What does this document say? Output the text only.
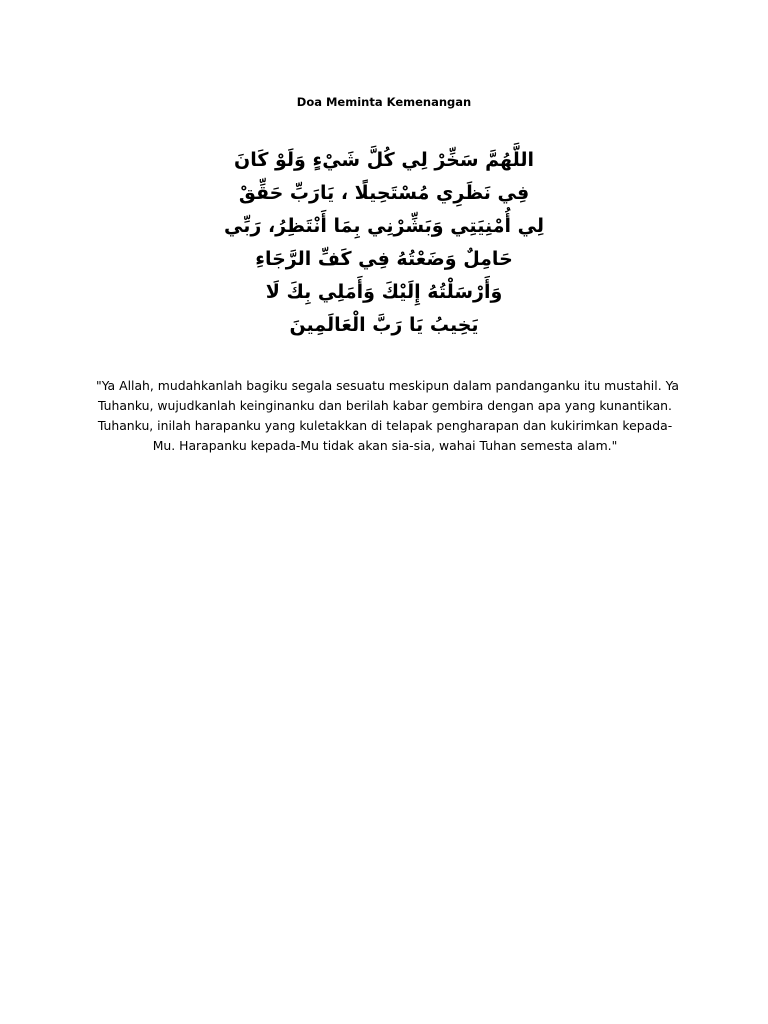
Doa Meminta Kemenangan
اللَّهُمَّ سَخِّرْ لِي كُلَّ شَيْءٍ وَلَوْ كَانَ
فِي نَظَرِي مُسْتَحِيلًا ، يَارَبِّ حَقِّقْ
لِي أُمْنِيَتِي وَبَشِّرْنِي بِمَا أَنْتَظِرُ، رَبِّي
حَامِلٌ وَضَعْتُهُ فِي كَفِّ الرَّجَاءِ
وَأَرْسَلْتُهُ إِلَيْكَ وَأَمَلِي بِكَ لَا
يَخِيبُ يَا رَبَّ الْعَالَمِينَ
"Ya Allah, mudahkanlah bagiku segala sesuatu meskipun dalam pandanganku itu mustahil. Ya
Tuhanku, wujudkanlah keinginanku dan berilah kabar gembira dengan apa yang kunantikan.
Tuhanku, inilah harapanku yang kuletakkan di telapak pengharapan dan kukirimkan kepada-
Mu. Harapanku kepada-Mu tidak akan sia-sia, wahai Tuhan semesta alam."
